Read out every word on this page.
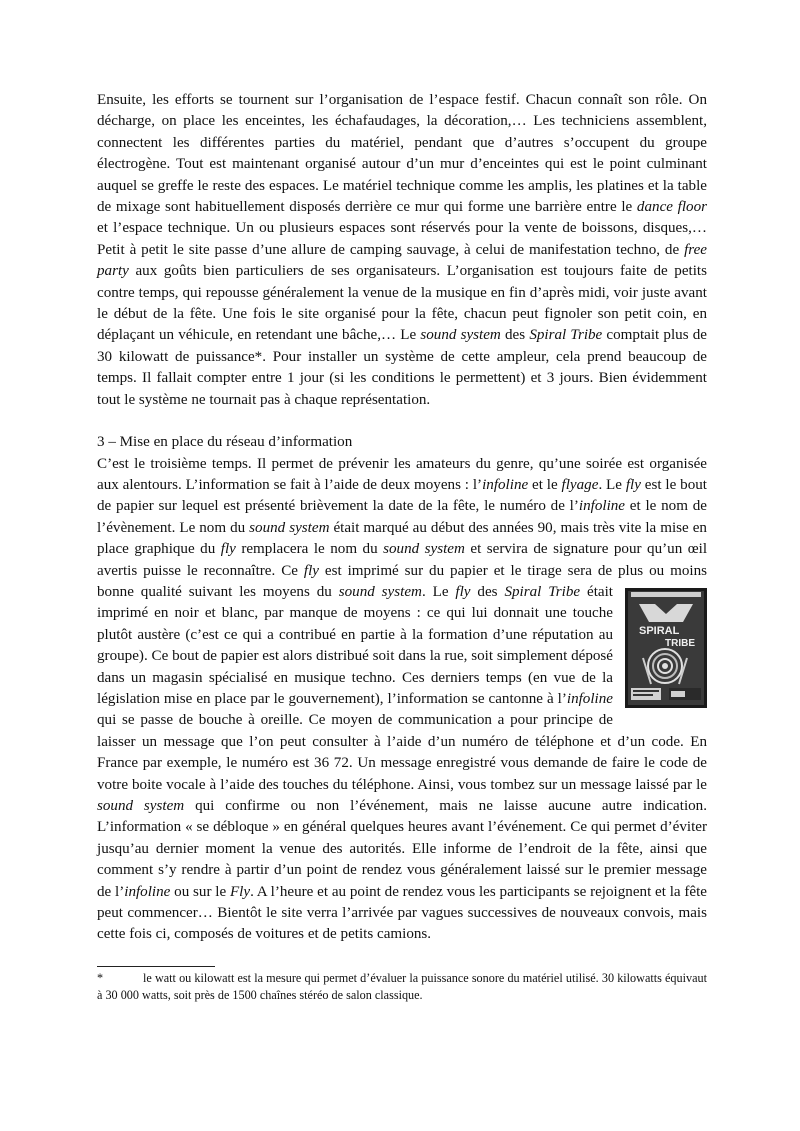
Ensuite, les efforts se tournent sur l’organisation de l’espace festif. Chacun connaît son rôle. On décharge, on place les enceintes, les échafaudages, la décoration,… Les techniciens assemblent, connectent les différentes parties du matériel, pendant que d’autres s’occupent du groupe électrogène. Tout est maintenant organisé autour d’un mur d’enceintes qui est le point culminant auquel se greffe le reste des espaces. Le matériel technique comme les amplis, les platines et la table de mixage sont habituellement disposés derrière ce mur qui forme une barrière entre le dance floor et l’espace technique. Un ou plusieurs espaces sont réservés pour la vente de boissons, disques,… Petit à petit le site passe d’une allure de camping sauvage, à celui de manifestation techno, de free party aux goûts bien particuliers de ses organisateurs. L’organisation est toujours faite de petits contre temps, qui repousse généralement la venue de la musique en fin d’après midi, voir juste avant le début de la fête. Une fois le site organisé pour la fête, chacun peut fignoler son petit coin, en déplaçant un véhicule, en retendant une bâche,… Le sound system des Spiral Tribe comptait plus de 30 kilowatt de puissance*. Pour installer un système de cette ampleur, cela prend beaucoup de temps. Il fallait compter entre 1 jour (si les conditions le permettent) et 3 jours. Bien évidemment tout le système ne tournait pas à chaque représentation.

3 – Mise en place du réseau d’information

C’est le troisième temps. Il permet de prévenir les amateurs du genre, qu’une soirée est organisée aux alentours. L’information se fait à l’aide de deux moyens : l’infoline et le flyage. Le fly est le bout de papier sur lequel est présenté brièvement la date de la fête, le numéro de l’infoline et le nom de l’évènement. Le nom du sound system était marqué au début des années 90, mais très vite la mise en place graphique du fly remplacera le nom du sound system et servira de signature pour qu’un œil avertis puisse le reconnaître. Ce fly est imprimé sur du papier et le tirage sera de plus ou moins bonne qualité suivant les moyens du sound system. Le fly
SPIRAL
TRIBE
des Spiral Tribe était imprimé en noir et blanc, par manque de moyens : ce qui lui donnait une touche plutôt austère (c’est ce qui a contribué en partie à la formation d’une réputation au groupe). Ce bout de papier est alors distribué soit dans la rue, soit simplement déposé dans un magasin spécialisé en musique techno. Ces derniers temps (en vue de la législation mise en place par le gouvernement), l’information se cantonne à l’infoline qui se passe de bouche à oreille. Ce moyen de communication a pour principe de laisser un message que l’on peut consulter à l’aide d’un numéro de téléphone et d’un code. En France par exemple, le numéro est 36 72. Un message enregistré vous demande de faire le code de votre boite vocale à l’aide des touches du téléphone. Ainsi, vous tombez sur un message laissé par le sound system qui confirme ou non l’événement, mais ne laisse aucune autre indication. L’information « se débloque » en général quelques heures avant l’événement. Ce qui permet d’éviter jusqu’au dernier moment la venue des autorités. Elle informe de l’endroit de la fête, ainsi que comment s’y rendre à partir d’un point de rendez vous généralement laissé sur le premier message de l’infoline ou sur le Fly. A l’heure et au point de rendez vous les participants se rejoignent et la fête peut commencer… Bientôt le site verra l’arrivée par vagues successives de nouveaux convois, mais cette fois ci, composés de voitures et de petits camions.

*	le watt ou kilowatt est la mesure qui permet d’évaluer la puissance sonore du matériel utilisé. 30 kilowatts équivaut à 30 000 watts, soit près de 1500 chaînes stéréo de salon classique.
